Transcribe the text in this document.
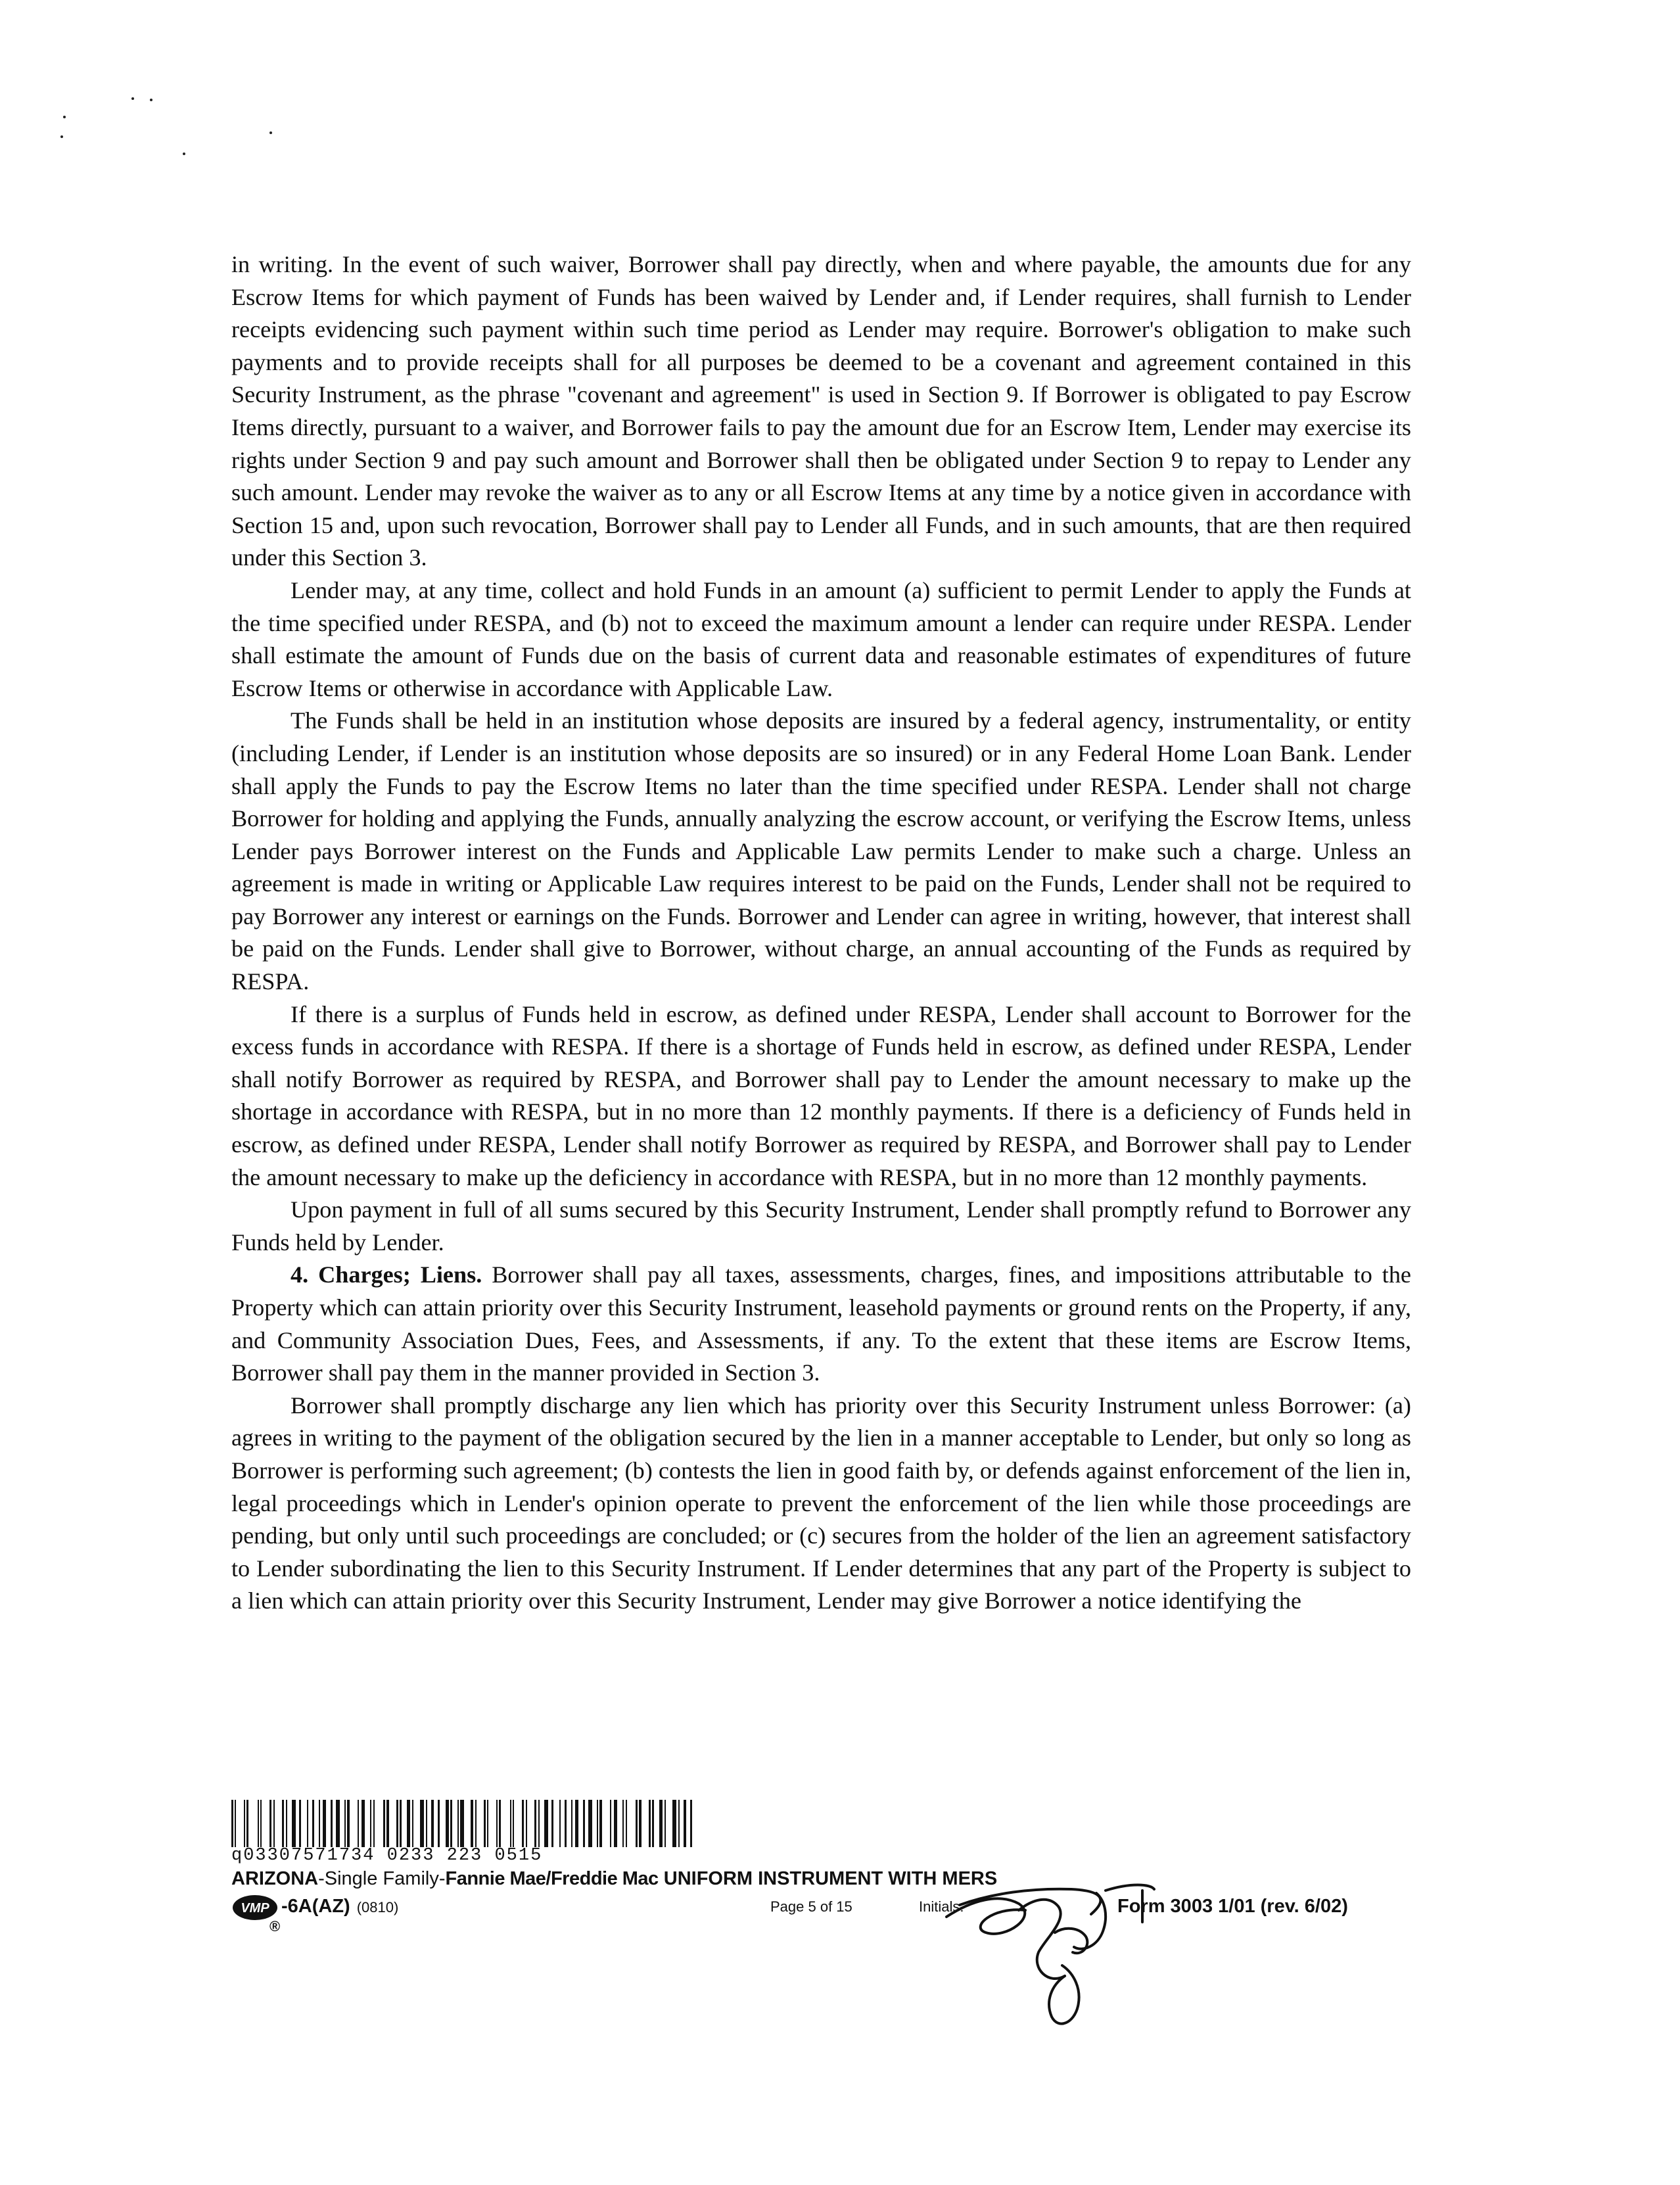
in writing. In the event of such waiver, Borrower shall pay directly, when and where payable, the amounts due for any Escrow Items for which payment of Funds has been waived by Lender and, if Lender requires, shall furnish to Lender receipts evidencing such payment within such time period as Lender may require. Borrower's obligation to make such payments and to provide receipts shall for all purposes be deemed to be a covenant and agreement contained in this Security Instrument, as the phrase "covenant and agreement" is used in Section 9. If Borrower is obligated to pay Escrow Items directly, pursuant to a waiver, and Borrower fails to pay the amount due for an Escrow Item, Lender may exercise its rights under Section 9 and pay such amount and Borrower shall then be obligated under Section 9 to repay to Lender any such amount. Lender may revoke the waiver as to any or all Escrow Items at any time by a notice given in accordance with Section 15 and, upon such revocation, Borrower shall pay to Lender all Funds, and in such amounts, that are then required under this Section 3.

Lender may, at any time, collect and hold Funds in an amount (a) sufficient to permit Lender to apply the Funds at the time specified under RESPA, and (b) not to exceed the maximum amount a lender can require under RESPA. Lender shall estimate the amount of Funds due on the basis of current data and reasonable estimates of expenditures of future Escrow Items or otherwise in accordance with Applicable Law.

The Funds shall be held in an institution whose deposits are insured by a federal agency, instrumentality, or entity (including Lender, if Lender is an institution whose deposits are so insured) or in any Federal Home Loan Bank. Lender shall apply the Funds to pay the Escrow Items no later than the time specified under RESPA. Lender shall not charge Borrower for holding and applying the Funds, annually analyzing the escrow account, or verifying the Escrow Items, unless Lender pays Borrower interest on the Funds and Applicable Law permits Lender to make such a charge. Unless an agreement is made in writing or Applicable Law requires interest to be paid on the Funds, Lender shall not be required to pay Borrower any interest or earnings on the Funds. Borrower and Lender can agree in writing, however, that interest shall be paid on the Funds. Lender shall give to Borrower, without charge, an annual accounting of the Funds as required by RESPA.

If there is a surplus of Funds held in escrow, as defined under RESPA, Lender shall account to Borrower for the excess funds in accordance with RESPA. If there is a shortage of Funds held in escrow, as defined under RESPA, Lender shall notify Borrower as required by RESPA, and Borrower shall pay to Lender the amount necessary to make up the shortage in accordance with RESPA, but in no more than 12 monthly payments. If there is a deficiency of Funds held in escrow, as defined under RESPA, Lender shall notify Borrower as required by RESPA, and Borrower shall pay to Lender the amount necessary to make up the deficiency in accordance with RESPA, but in no more than 12 monthly payments.

Upon payment in full of all sums secured by this Security Instrument, Lender shall promptly refund to Borrower any Funds held by Lender.

4. Charges; Liens. Borrower shall pay all taxes, assessments, charges, fines, and impositions attributable to the Property which can attain priority over this Security Instrument, leasehold payments or ground rents on the Property, if any, and Community Association Dues, Fees, and Assessments, if any. To the extent that these items are Escrow Items, Borrower shall pay them in the manner provided in Section 3.

Borrower shall promptly discharge any lien which has priority over this Security Instrument unless Borrower: (a) agrees in writing to the payment of the obligation secured by the lien in a manner acceptable to Lender, but only so long as Borrower is performing such agreement; (b) contests the lien in good faith by, or defends against enforcement of the lien in, legal proceedings which in Lender's opinion operate to prevent the enforcement of the lien while those proceedings are pending, but only until such proceedings are concluded; or (c) secures from the holder of the lien an agreement satisfactory to Lender subordinating the lien to this Security Instrument. If Lender determines that any part of the Property is subject to a lien which can attain priority over this Security Instrument, Lender may give Borrower a notice identifying the

q03307571734 0233 223 0515
ARIZONA-Single Family-Fannie Mae/Freddie Mac UNIFORM INSTRUMENT WITH MERS
VMP
®
-6A(AZ) (0810)	Page 5 of 15	Initials:	Form 3003 1/01 (rev. 6/02)
